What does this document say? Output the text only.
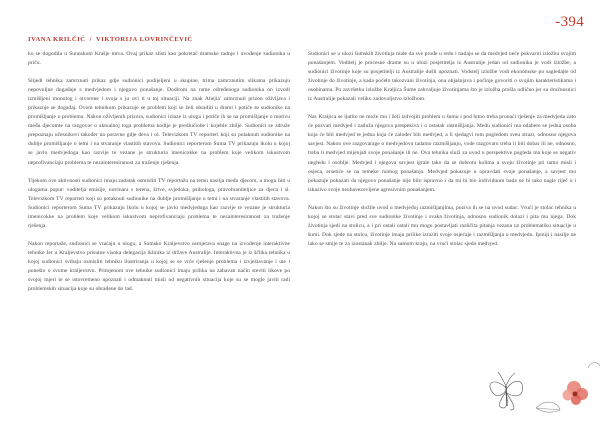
-394
IVANA KRILČIĆ / VIKTORIJA LOVRINČEVIĆ

ko se dogodila u Sunnskom Krašje mtva. Ovaj prikaz slisti kao pokretač dramske radnje i uvođenje sudionika u priču.

Slijedi tehnika zamrznuti prikaz gdje sudionici podijeljeni u skupine, trima zamrznutim slikama prikazuju nepovoljne događaje s medvjedom i njegovo ponašanje. Dodirom na rame određenoga sudionika on izvodi izmišljeni monolog i otvorene i svoja s ju ovi ti u toj situaciji. Na znak Ahejia' zamrznuti prizon oživljava i prikazuje se događaj. Ovom tehnikom prikazuje se problem koji se želi obraditi u drami i potiče se sudionike na promišljanje o problemu. Nakon oživljenih prizora, sudionici izlaze iz uloga i potiče ih se na promišljanje o motivu među djecomte na razgovor o aktualnoj toga problema kodlje je predlučiobe i kojeble zbilje. Sudionici se združe prepoznaju učesnikovi također na poravne gdje deva i ol. Televizkom TV reporteri koji su potaknuti sudionike na dublje promišljanje o temi i na stvaranje vlastitih stavova. Sudionici reporterom Suma TV prikazuju lkolu u kojoj se javlo medvjedoga kao razvije te vezane je strukturia imenicokke na problem koje velikom iskustvom neprofivanciaju problema te nezainteresiranost za traženje rješenja.

Tijekom ove aktivnosti sudionici imaju zadatak osmisliti TV reportažu na temu nasilja među djecom, a mogu biti u ulogama poput: voditelja emisije, novinara s terena, žrtve, svjedoka, psihologa, pravobraniteljice za djecu i sl. Televizkom TV reporteri koji su potaknuti sudionike na dublje promišljanje o temi i na stvaranje vlastitih stavova. Sudionici reporterom Suma TV prikazuju lkolu u kojoj se javlo medvjedoga kao razvije te vezane je strukturia imenicokke na problem koje velikom iskustvom neprofivanciaju problema te nezainteresiranost za traženje rješenja.

Nakon reportaže, sudionici se vraćaju u ulogu, a Sumsko Kraljevstvo usmjerava snage na izvođenje interaktivne tehnike Jer u Kraljevstvo prisutne visoka delegacija iklinika iz države Australije. Interaktivna je iz ščlika tehnika u kojoj sudionici svibaju osmisliti tehniku ilustriranja u kojoj se se vrće rješenje problema i izvještavanje i ute i ponešto o svome kraljevstvu. Primjenom ove tehnike sudionici imaju prilika na zabavan način steviti likove po svojoj mjeri te se istovremeno upoznati i odmaknuti misli od negativnih situacija koje su se mogle javiti radi problemskih situacija koje su obrađene do tad.

Sudionici se u ulozi šumskih životinja nude da sve prođe u redu i nadaju se da medvjed neće pokvariti izložbu svojim ponašanjem. Voditelj je procesne drame su u ulozi posjetitelja iz Australije jedan od sudionika je vodi izložbe, a sudionici životinje koje su posjetitelji iz Australije došli upoznati. Vodstelj izložbe vodi ekonomske po sagledajte od životinje do životinje, a kada počelo takozvani životinja, ona objašnjava i počinje govoriti o svojim karakteristikama i osobinama. Po završetku izložbe Kraljica Šume zahvaljuje životinjama što je izložba prošla odlično jer su družnosnici iz Australije pokazali veliko zadovoljstvo izložbom.

Nas Kraljica se ljutito ne može mu i želi izdvojiti problem u šumu i pod hitno treba pronaći rješenje za medvjeda zato će pozvati medvjed i zaduža njegova prespekiva i u ostatak rasmišljanja. Medu sudionici ma odabere se jedna osoba koja će biti medvjed te jedna koja će zaloder biti medvjed, a li sjedagvi tom pogledom sveu strazi, odnosno njegova savjest. Nakon ove razgovarage o medvjedovu tadamo razmišljanju, vode razgovaru treba li biti dobar ili ne, odnosno, treba li medvjed mijenjati svoje ponašanje ili ne. Ova tehnika služi za uvod u perspektive pogleda ma koje se negativ negledu i osoblje. Medvjed i njegova savjest igrale tako da se dobrotu kolima a svoju životinje pri tamo misli i osjeća, ersetiće se na temeke ruimog ponašanja. Medvjed pokazuje u opravdati svoje ponašanje, a savjest mu pokazuje pokazati da njegovo ponašanje nije bilo ispravno i da mi bi bio individuum bada ne bi tako nagle riječ o i iskazivo svoje neobavezovljene agresivnim ponašanjem.

Nakon što su životinje složile uvod u medvjeđoj razmišljanjima, poziva ih se na uvod sudac. Vrući je stolac tehnika u kojoj se stolac stavi pred sve sudionike životinje i svaka životinja, odnosno sudionik dolazi i pita mu njega. Dok životinja sjedi na stolicu, a i pri ostali ostali mu mogu postavljati različita pitanja vezana uz problematiku situacije u šumi. Dok sjede na stolcu, životinje imaju prilike izraziti svoje osjećaje i razmišljanja o medvjedu. Ipmiji i nasilje ne lako se smije te za izostanak zbilje. Na samom kraju, na vrući stolac sjeda medvjed.
